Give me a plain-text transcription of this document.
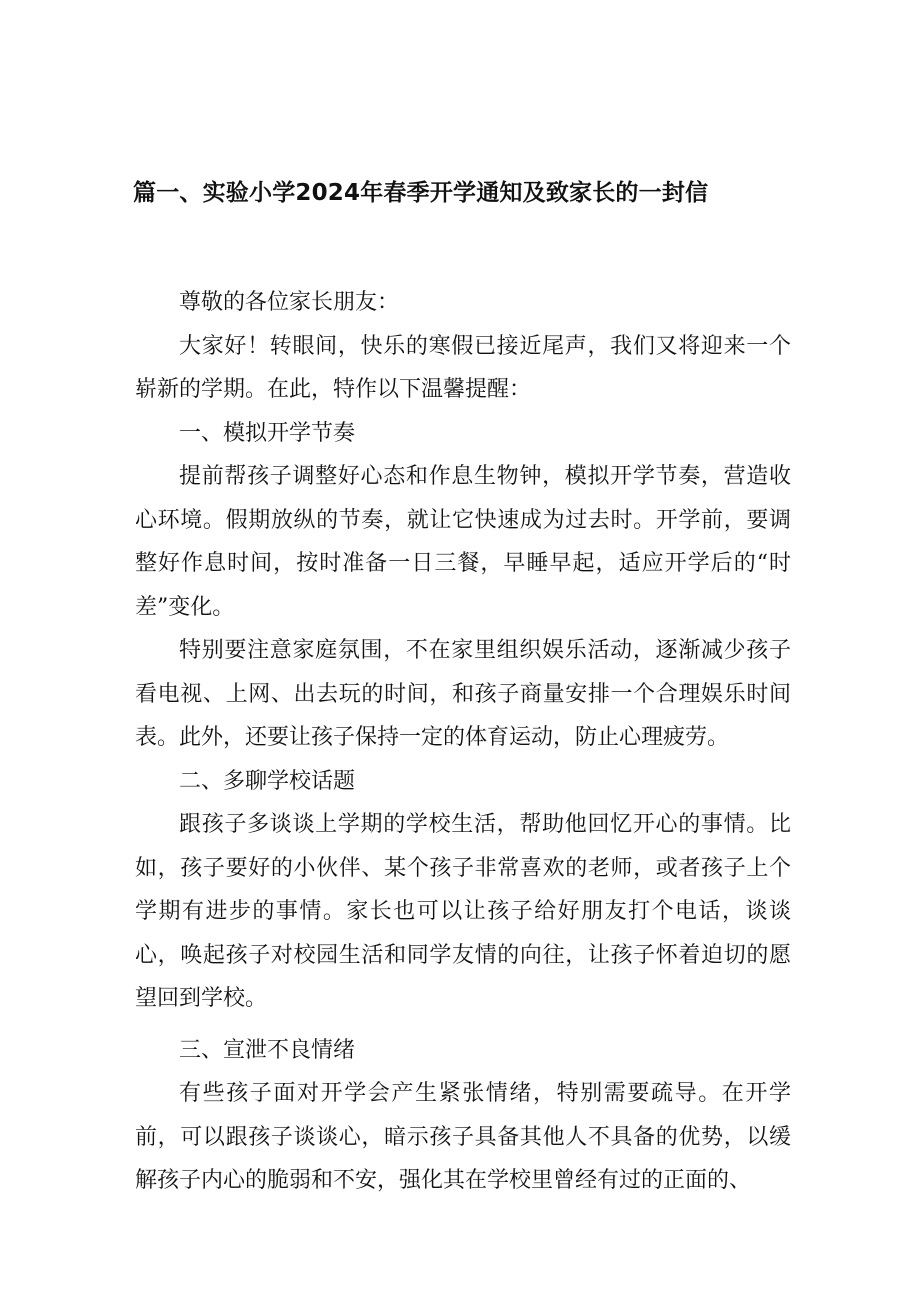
篇一、实验小学2024年春季开学通知及致家长的一封信

尊敬的各位家长朋友：

大家好！转眼间，快乐的寒假已接近尾声，我们又将迎来一个崭新的学期。在此，特作以下温馨提醒：

一、模拟开学节奏

提前帮孩子调整好心态和作息生物钟，模拟开学节奏，营造收心环境。假期放纵的节奏，就让它快速成为过去时。开学前，要调整好作息时间，按时准备一日三餐，早睡早起，适应开学后的“时差”变化。

特别要注意家庭氛围，不在家里组织娱乐活动，逐渐减少孩子看电视、上网、出去玩的时间，和孩子商量安排一个合理娱乐时间表。此外，还要让孩子保持一定的体育运动，防止心理疲劳。

二、多聊学校话题

跟孩子多谈谈上学期的学校生活，帮助他回忆开心的事情。比如，孩子要好的小伙伴、某个孩子非常喜欢的老师，或者孩子上个学期有进步的事情。家长也可以让孩子给好朋友打个电话，谈谈心，唤起孩子对校园生活和同学友情的向往，让孩子怀着迫切的愿望回到学校。

三、宣泄不良情绪

有些孩子面对开学会产生紧张情绪，特别需要疏导。在开学前，可以跟孩子谈谈心，暗示孩子具备其他人不具备的优势，以缓解孩子内心的脆弱和不安，强化其在学校里曾经有过的正面的、
